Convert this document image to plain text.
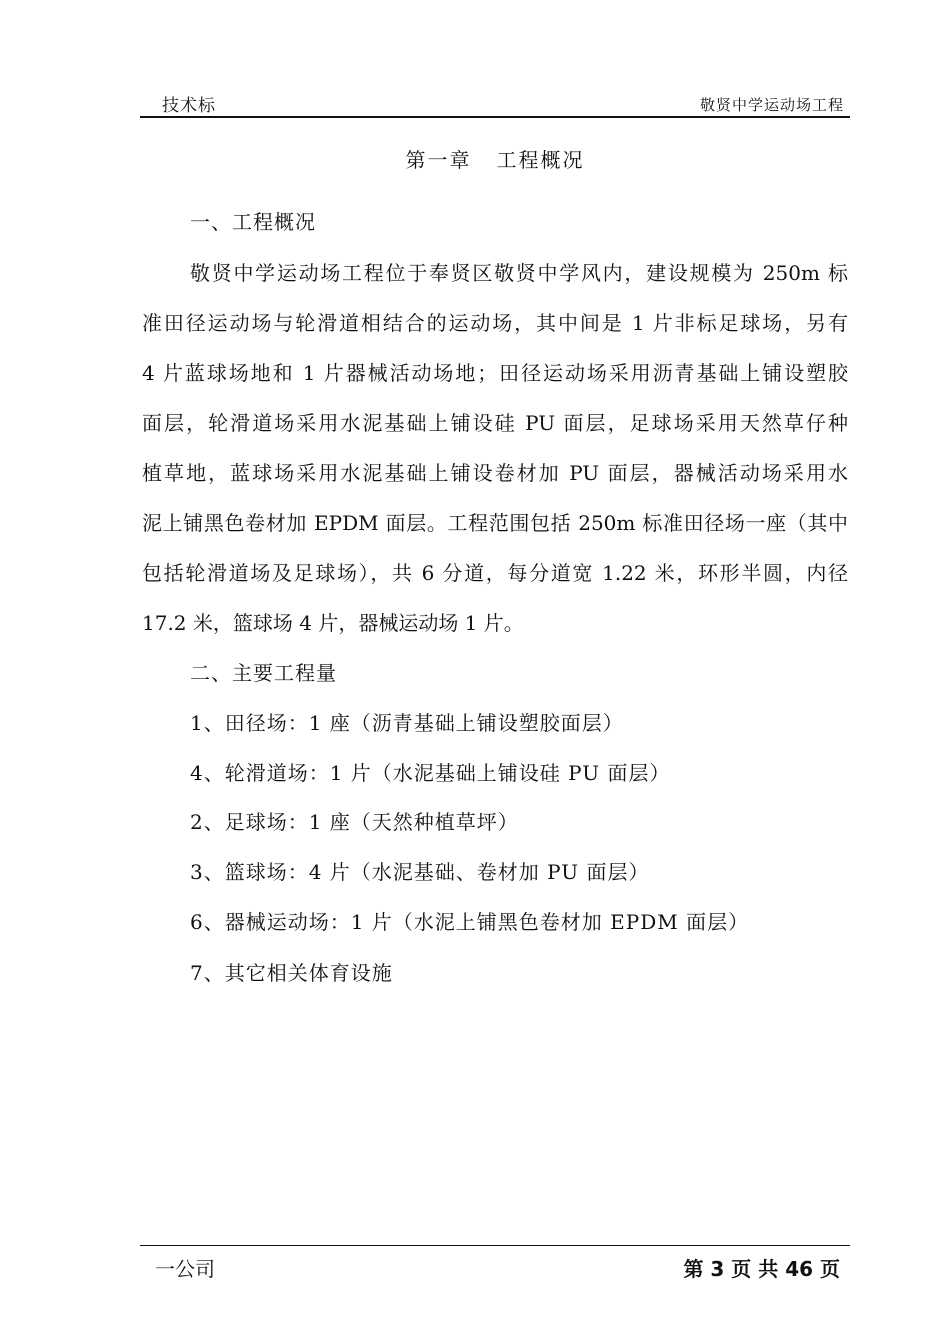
技术标	敬贤中学运动场工程
第一章   工程概况
一、工程概况
敬贤中学运动场工程位于奉贤区敬贤中学风内，建设规模为 250m 标
准田径运动场与轮滑道相结合的运动场，其中间是 1 片非标足球场，另有
4 片蓝球场地和 1 片器械活动场地；田径运动场采用沥青基础上铺设塑胶
面层，轮滑道场采用水泥基础上铺设硅 PU 面层，足球场采用天然草仔种
植草地，蓝球场采用水泥基础上铺设卷材加 PU 面层，器械活动场采用水
泥上铺黑色卷材加 EPDM 面层。工程范围包括 250m 标准田径场一座（其中
包括轮滑道场及足球场），共 6 分道，每分道宽 1.22 米，环形半圆，内径
17.2 米，篮球场 4 片，器械运动场 1 片。
二、主要工程量
1、田径场：1 座（沥青基础上铺设塑胶面层）
4、轮滑道场：1 片（水泥基础上铺设硅 PU 面层）
2、足球场：1 座（天然种植草坪）
3、篮球场：4 片（水泥基础、卷材加 PU 面层）
6、器械运动场：1 片（水泥上铺黑色卷材加 EPDM 面层）
7、其它相关体育设施
一公司	第 3 页 共 46 页
